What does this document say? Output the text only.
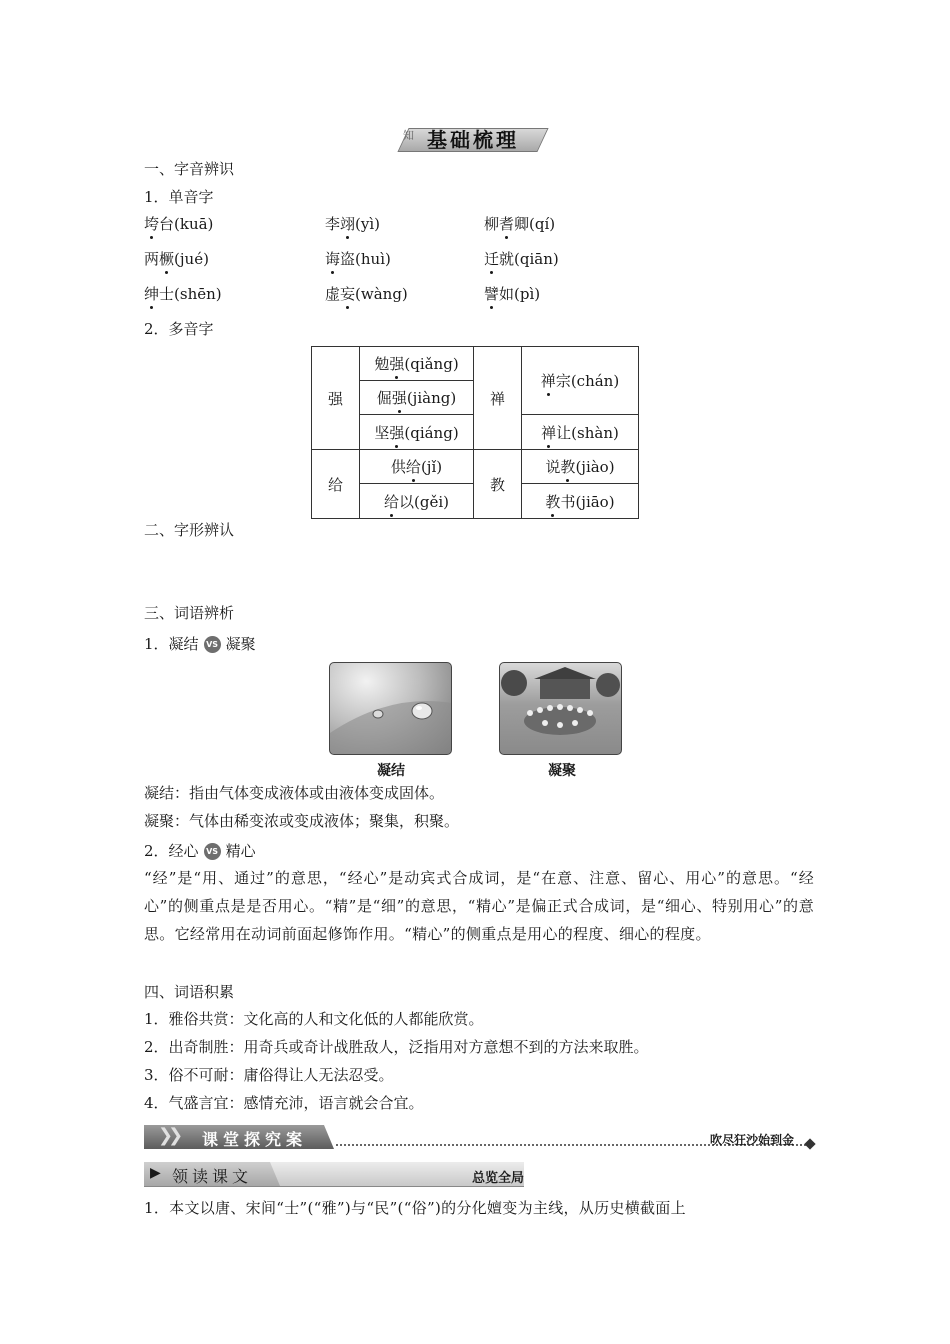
知 基础梳理
一、字音辨识
1．单音字
垮台(kuā)	李翊(yì)	柳耆卿(qí)
两橛(jué)	诲盗(huì)	迁就(qiān)
绅士(shēn)	虚妄(wàng)	譬如(pì)
2．多音字
强	勉强(qiǎng)	禅	禅宗(chán)
	倔强(jiàng)		
	坚强(qiáng)		禅让(shàn)
给	供给(jǐ)	教	说教(jiào)
	给以(gěi)		教书(jiāo)
二、字形辨认
三、词语辨析
1．凝结 VS 凝聚
凝结	凝聚
凝结：指由气体变成液体或由液体变成固体。
凝聚：气体由稀变浓或变成液体；聚集，积聚。
2．经心 VS 精心
“经”是“用、通过”的意思，“经心”是动宾式合成词，是“在意、注意、留心、用心”的意思。“经心”的侧重点是是否用心。“精”是“细”的意思，“精心”是偏正式合成词，是“细心、特别用心”的意思。它经常用在动词前面起修饰作用。“精心”的侧重点是用心的程度、细心的程度。
四、词语积累
1．雅俗共赏：文化高的人和文化低的人都能欣赏。
2．出奇制胜：用奇兵或奇计战胜敌人，泛指用对方意想不到的方法来取胜。
3．俗不可耐：庸俗得让人无法忍受。
4．气盛言宜：感情充沛，语言就会合宜。
❯❯ 课堂探究案	吹尽狂沙始到金
▶ 领读课文	总览全局
1．本文以唐、宋间“士”(“雅”)与“民”(“俗”)的分化嬗变为主线，从历史横截面上
